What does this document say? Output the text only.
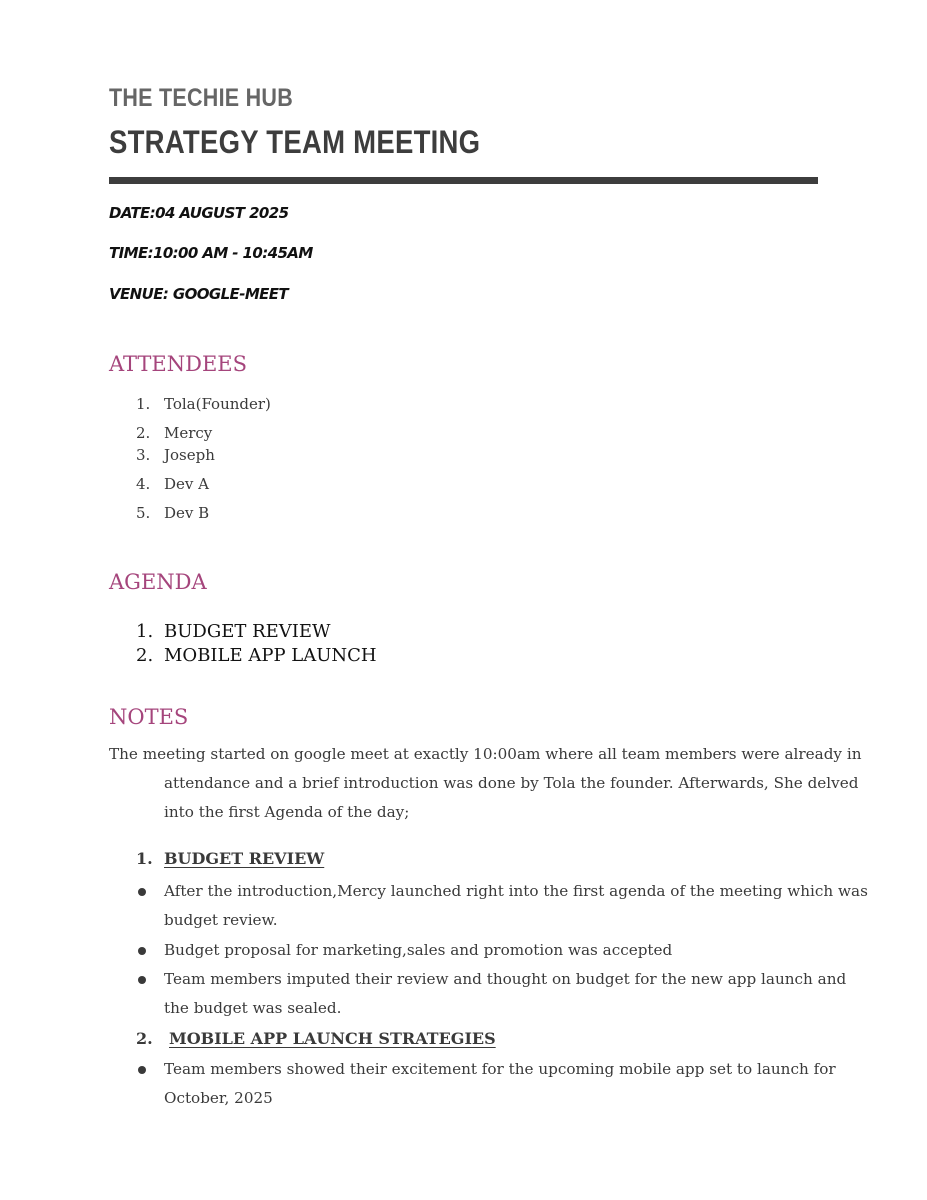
THE TECHIE HUB
STRATEGY TEAM MEETING
DATE:04 AUGUST 2025
TIME:10:00 AM - 10:45AM
VENUE: GOOGLE-MEET
ATTENDEES
1. Tola(Founder)
2. Mercy
3. Joseph
4. Dev A
5. Dev B
AGENDA
1. BUDGET REVIEW
2. MOBILE APP LAUNCH
NOTES
The meeting started on google meet at exactly 10:00am where all team members were already in
attendance and a brief introduction was done by Tola the founder. Afterwards, She delved
into the first Agenda of the day;
1. BUDGET REVIEW
After the introduction,Mercy launched right into the first agenda of the meeting which was
budget review.
Budget proposal for marketing,sales and promotion was accepted
Team members imputed their review and thought on budget for the new app launch and
the budget was sealed.
2. MOBILE APP LAUNCH STRATEGIES
Team members showed their excitement for the upcoming mobile app set to launch for
October, 2025
